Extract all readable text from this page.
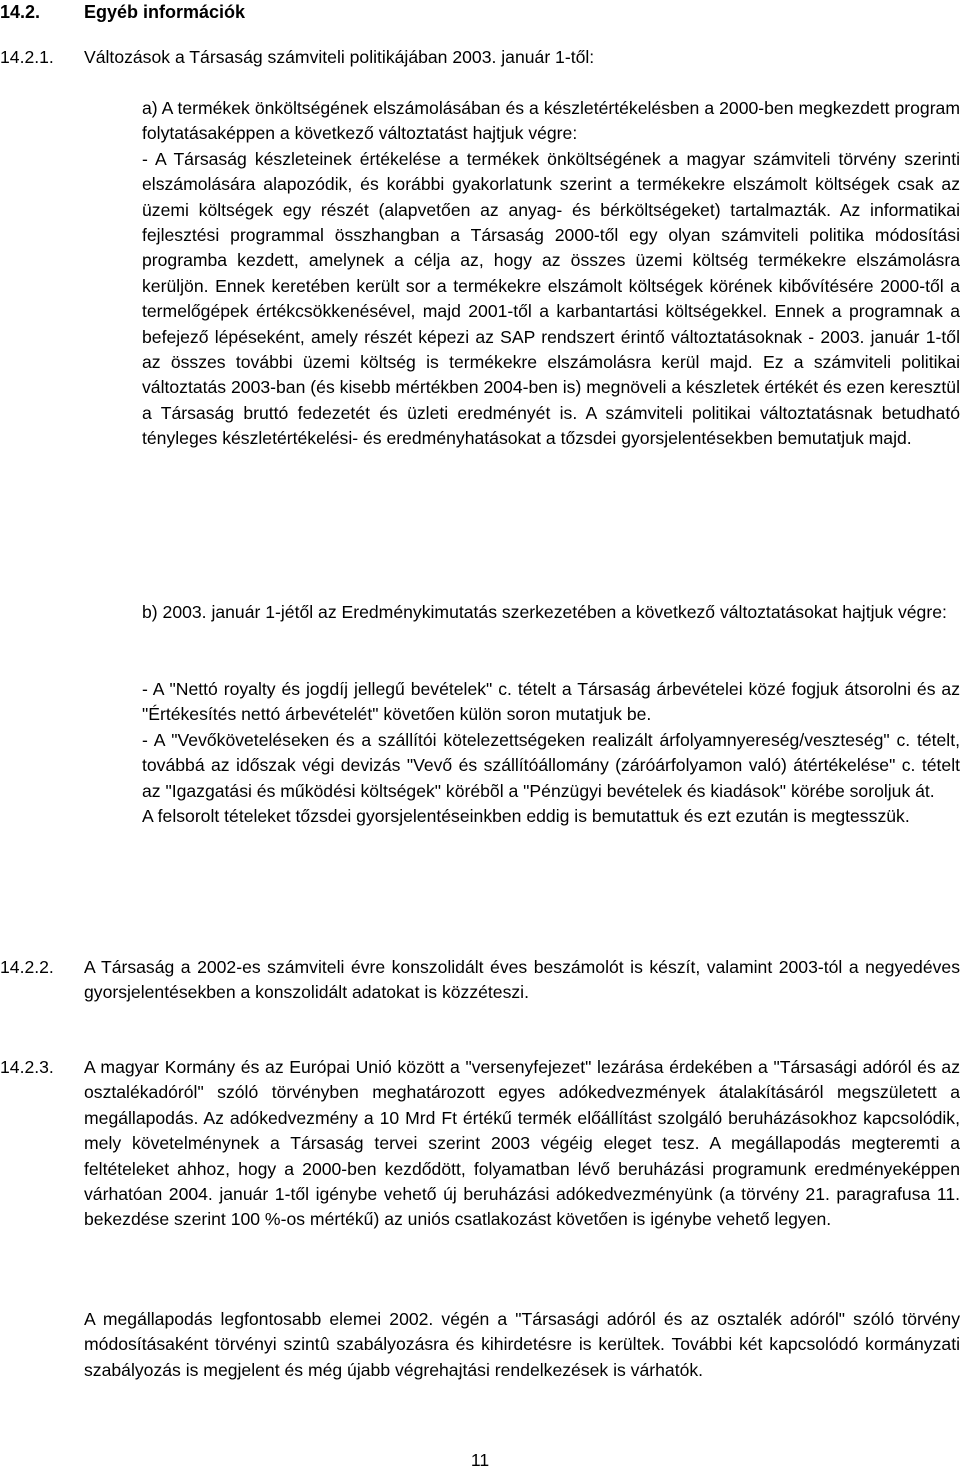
14.2. Egyéb információk
14.2.1. Változások a Társaság számviteli politikájában 2003. január 1-től:

a) A termékek önköltségének elszámolásában és a készletértékelésben a 2000-ben megkezdett program folytatásaképpen a következő változtatást hajtjuk végre:

- A Társaság készleteinek értékelése a termékek önköltségének a magyar számviteli törvény szerinti elszámolására alapozódik, és korábbi gyakorlatunk szerint a termékekre elszámolt költségek csak az üzemi költségek egy részét (alapvetően az anyag- és bérköltségeket) tartalmazták. Az informatikai fejlesztési programmal összhangban a Társaság 2000-től egy olyan számviteli politika módosítási programba kezdett, amelynek a célja az, hogy az összes üzemi költség termékekre elszámolásra kerüljön. Ennek keretében került sor a termékekre elszámolt költségek körének kibővítésére 2000-től a termelőgépek értékcsökkenésével, majd 2001-től a karbantartási költségekkel. Ennek a programnak a befejező lépéseként, amely részét képezi az SAP rendszert érintő változtatásoknak - 2003. január 1-től az összes további üzemi költség is termékekre elszámolásra kerül majd. Ez a számviteli politikai változtatás 2003-ban (és kisebb mértékben 2004-ben is) megnöveli a készletek értékét és ezen keresztül a Társaság bruttó fedezetét és üzleti eredményét is. A számviteli politikai változtatásnak betudható tényleges készletértékelési- és eredményhatásokat a tőzsdei gyorsjelentésekben bemutatjuk majd.

b) 2003. január 1-jétől az Eredménykimutatás szerkezetében a következő változtatásokat hajtjuk végre:

- A "Nettó royalty és jogdíj jellegű bevételek" c. tételt a Társaság árbevételei közé fogjuk átsorolni és az "Értékesítés nettó árbevételét" követően külön soron mutatjuk be.

- A "Vevőköveteléseken és a szállítói kötelezettségeken realizált árfolyamnyereség/veszteség" c. tételt, továbbá az időszak végi devizás "Vevő és szállítóállomány (záróárfolyamon való) átértékelése" c. tételt az "Igazgatási és működési költségek" körébõl a "Pénzügyi bevételek és kiadások" körébe soroljuk át.

A felsorolt tételeket tőzsdei gyorsjelentéseinkben eddig is bemutattuk és ezt ezután is megtesszük.

14.2.2. A Társaság a 2002-es számviteli évre konszolidált éves beszámolót is készít, valamint 2003-tól a negyedéves gyorsjelentésekben a konszolidált adatokat is közzéteszi.

14.2.3. A magyar Kormány és az Európai Unió között a "versenyfejezet" lezárása érdekében a "Társasági adóról és az osztalékadóról" szóló törvényben meghatározott egyes adókedvezmények átalakításáról megszületett a megállapodás. Az adókedvezmény a 10 Mrd Ft értékű termék előállítást szolgáló beruházásokhoz kapcsolódik, mely követelménynek a Társaság tervei szerint 2003 végéig eleget tesz. A megállapodás megteremti a feltételeket ahhoz, hogy a 2000-ben kezdődött, folyamatban lévő beruházási programunk eredményeképpen várhatóan 2004. január 1-től igénybe vehető új beruházási adókedvezményünk (a törvény 21. paragrafusa 11. bekezdése szerint 100 %-os mértékű) az uniós csatlakozást követően is igénybe vehető legyen.

A megállapodás legfontosabb elemei 2002. végén a "Társasági adóról és az osztalék adóról" szóló törvény módosításaként törvényi szintû szabályozásra és kihirdetésre is kerültek. További két kapcsolódó kormányzati szabályozás is megjelent és még újabb végrehajtási rendelkezések is várhatók.

11
